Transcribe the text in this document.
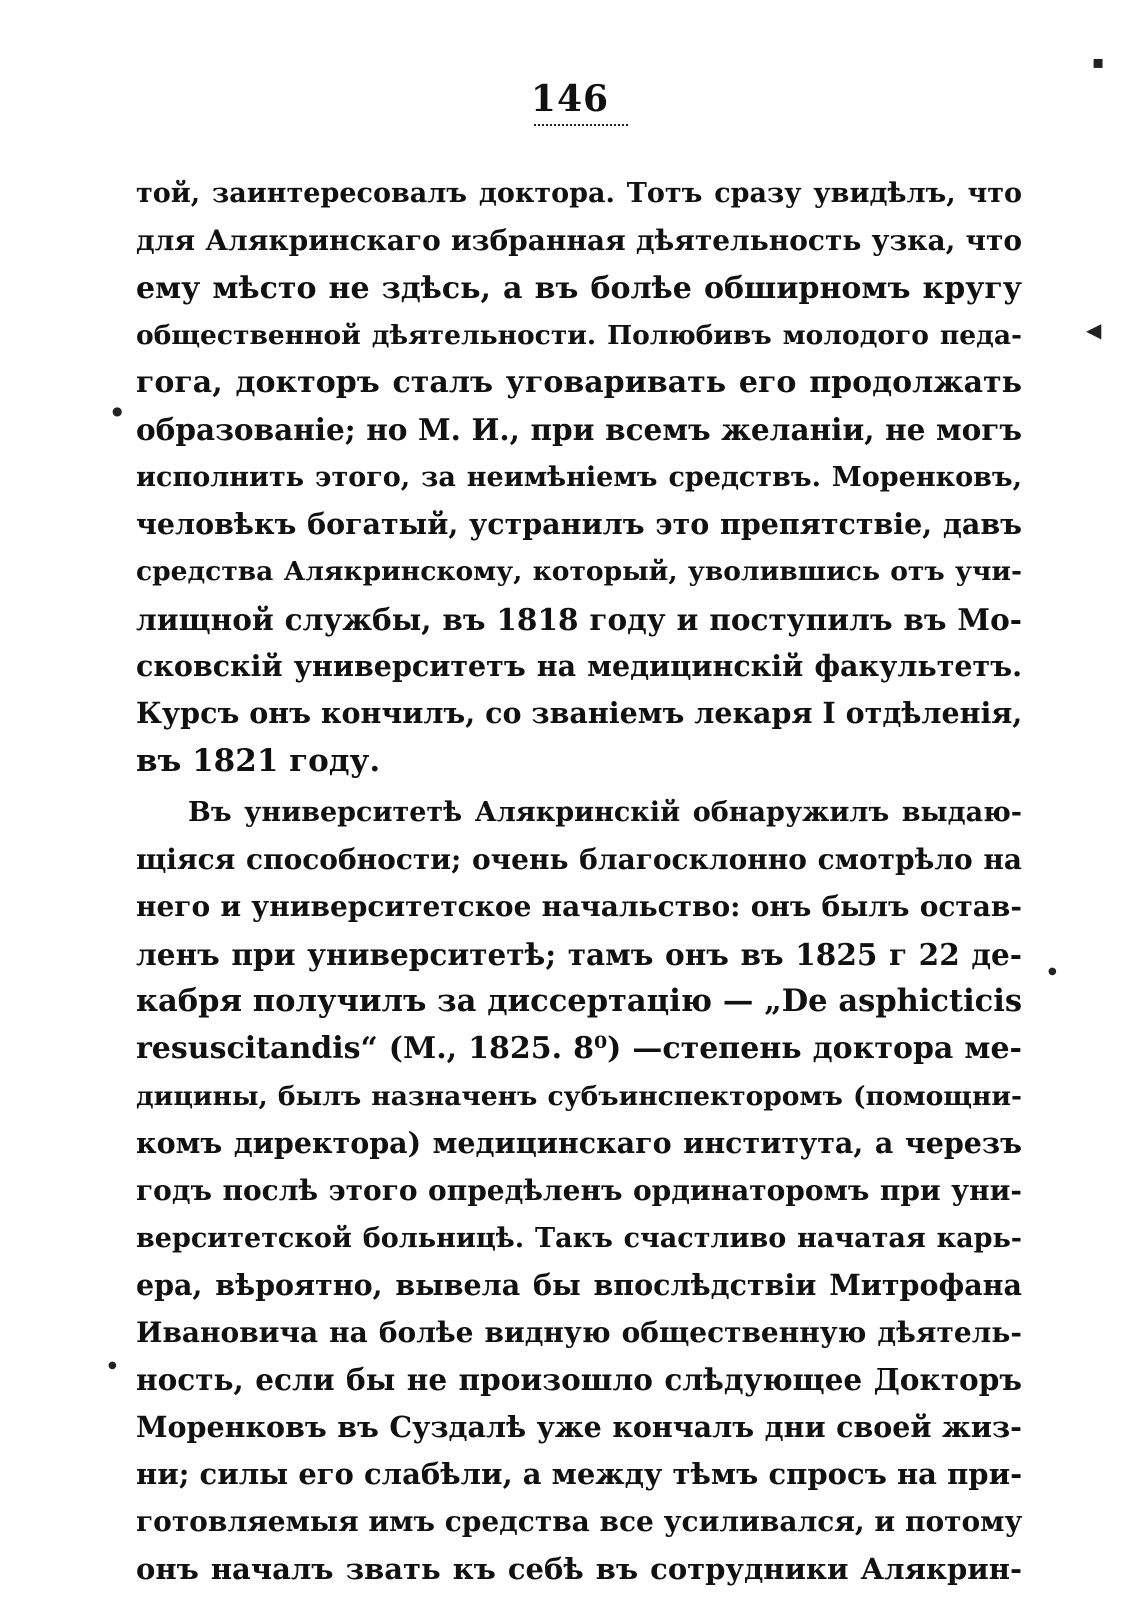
146
той, заинтересовалъ доктора. Тотъ сразу увидѣлъ, что
для Алякринскаго избранная дѣятельность узка, что
ему мѣсто не здѣсь, а въ болѣе обширномъ кругу
общественной дѣятельности. Полюбивъ молодого педа-
гога, докторъ сталъ уговаривать его продолжать
образованіе; но М. И., при всемъ желаніи, не могъ
исполнить этого, за неимѣніемъ средствъ. Моренковъ,
человѣкъ богатый, устранилъ это препятствіе, давъ
средства Алякринскому, который, уволившись отъ учи-
лищной службы, въ 1818 году и поступилъ въ Мо-
сковскій университетъ на медицинскій факультетъ.
Курсъ онъ кончилъ, со званіемъ лекаря I отдѣленія,
въ 1821 году.
Въ университетѣ Алякринскій обнаружилъ выдаю-
щіяся способности; очень благосклонно смотрѣло на
него и университетское начальство: онъ былъ остав-
ленъ при университетѣ; тамъ онъ въ 1825 г 22 де-
кабря получилъ за диссертацію — „De asphicticis
resuscitandis“ (М., 1825. 8⁰) —степень доктора ме-
дицины, былъ назначенъ субъинспекторомъ (помощни-
комъ директора) медицинскаго института, а черезъ
годъ послѣ этого опредѣленъ ординаторомъ при уни-
верситетской больницѣ. Такъ счастливо начатая карь-
ера, вѣроятно, вывела бы впослѣдствіи Митрофана
Ивановича на болѣе видную общественную дѣятель-
ность, если бы не произошло слѣдующее Докторъ
Моренковъ въ Суздалѣ уже кончалъ дни своей жиз-
ни; силы его слабѣли, а между тѣмъ спросъ на при-
готовляемыя имъ средства все усиливался, и потому
онъ началъ звать къ себѣ въ сотрудники Алякрин-
▪
◀
●
●
●
